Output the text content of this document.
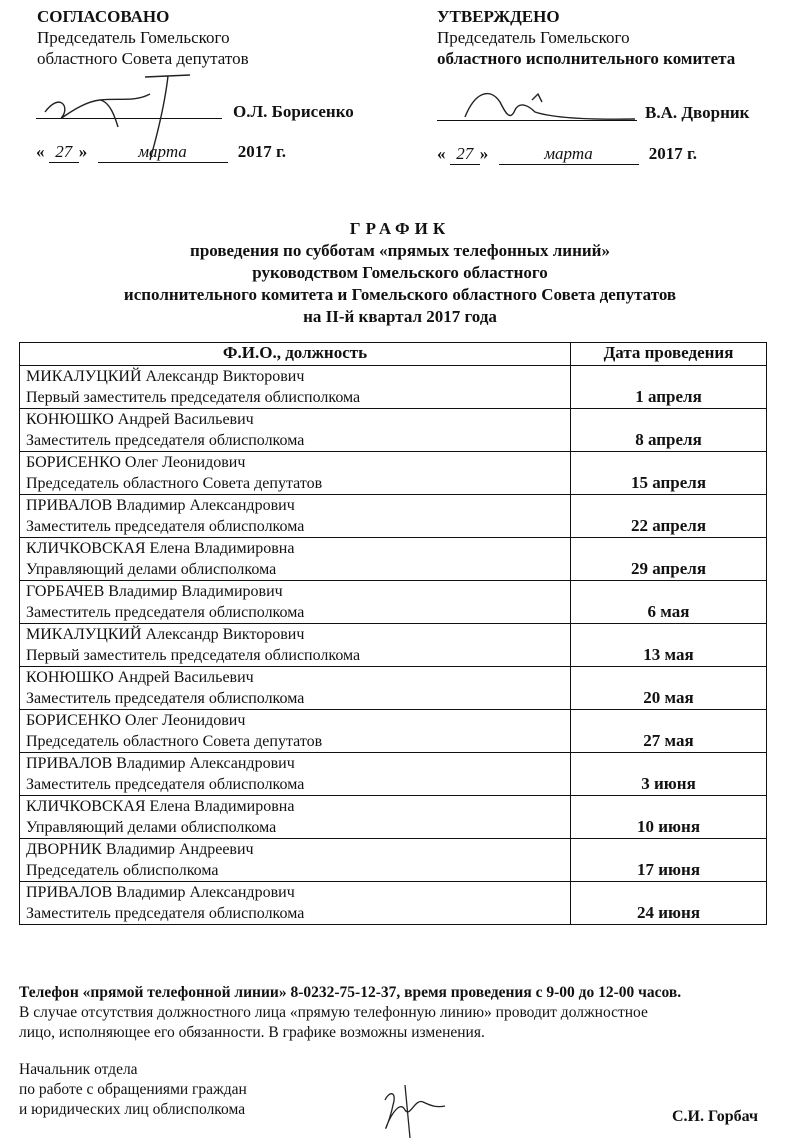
СОГЛАСОВАНО
Председатель Гомельского
областного Совета депутатов
О.Л. Борисенко
« 27 »	марта	2017 г.
УТВЕРЖДЕНО
Председатель Гомельского
областного исполнительного комитета
В.А. Дворник
« 27 »	марта	2017 г.
ГРАФИК
проведения по субботам «прямых телефонных линий»
руководством Гомельского областного
исполнительного комитета и Гомельского областного Совета депутатов
на II-й квартал 2017 года
Ф.И.О., должность	Дата проведения

МИКАЛУЦКИЙ Александр Викторович
Первый заместитель председателя облисполкома	1 апреля

КОНЮШКО Андрей Васильевич
Заместитель председателя облисполкома	8 апреля

БОРИСЕНКО Олег Леонидович
Председатель областного Совета депутатов	15 апреля

ПРИВАЛОВ Владимир Александрович
Заместитель председателя облисполкома	22 апреля

КЛИЧКОВСКАЯ Елена Владимировна
Управляющий делами облисполкома	29 апреля

ГОРБАЧЕВ Владимир Владимирович
Заместитель председателя облисполкома	6 мая

МИКАЛУЦКИЙ Александр Викторович
Первый заместитель председателя облисполкома	13 мая

КОНЮШКО Андрей Васильевич
Заместитель председателя облисполкома	20 мая

БОРИСЕНКО Олег Леонидович
Председатель областного Совета депутатов	27 мая

ПРИВАЛОВ Владимир Александрович
Заместитель председателя облисполкома	3 июня

КЛИЧКОВСКАЯ Елена Владимировна
Управляющий делами облисполкома	10 июня

ДВОРНИК Владимир Андреевич
Председатель облисполкома	17 июня

ПРИВАЛОВ Владимир Александрович
Заместитель председателя облисполкома	24 июня
Телефон «прямой телефонной линии» 8-0232-75-12-37, время проведения с 9-00 до 12-00 часов.
В случае отсутствия должностного лица «прямую телефонную линию» проводит должностное
лицо, исполняющее его обязанности. В графике возможны изменения.
Начальник отдела
по работе с обращениями граждан
и юридических лиц облисполкома	С.И. Горбач
